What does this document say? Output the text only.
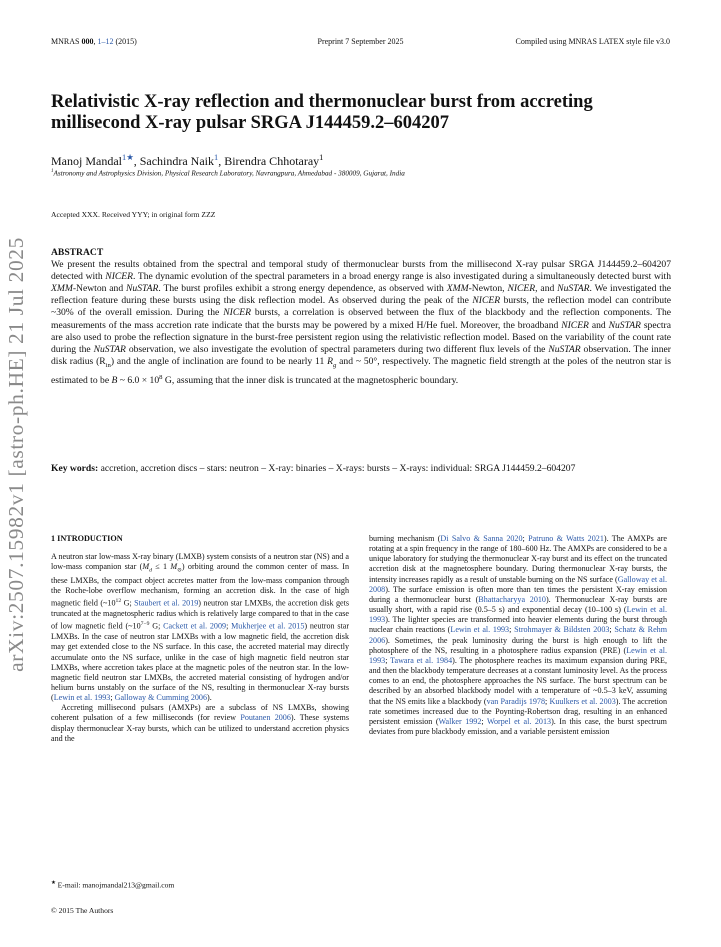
MNRAS 000, 1–12 (2015)	Preprint 7 September 2025	Compiled using MNRAS LATEX style file v3.0
arXiv:2507.15982v1 [astro-ph.HE] 21 Jul 2025
Relativistic X-ray reflection and thermonuclear burst from accreting millisecond X-ray pulsar SRGA J144459.2–604207
Manoj Mandal$^{1★}$, Sachindra Naik$^1$, Birendra Chhotaray$^1$
$^1$Astronomy and Astrophysics Division, Physical Research Laboratory, Navrangpura, Ahmedabad - 380009, Gujarat, India
Accepted XXX. Received YYY; in original form ZZZ
ABSTRACT
We present the results obtained from the spectral and temporal study of thermonuclear bursts from the millisecond X-ray pulsar SRGA J144459.2–604207 detected with NICER. The dynamic evolution of the spectral parameters in a broad energy range is also investigated during a simultaneously detected burst with XMM-Newton and NuSTAR. The burst profiles exhibit a strong energy dependence, as observed with XMM-Newton, NICER, and NuSTAR. We investigated the reflection feature during these bursts using the disk reflection model. As observed during the peak of the NICER bursts, the reflection model can contribute ~30% of the overall emission. During the NICER bursts, a correlation is observed between the flux of the blackbody and the reflection components. The measurements of the mass accretion rate indicate that the bursts may be powered by a mixed H/He fuel. Moreover, the broadband NICER and NuSTAR spectra are also used to probe the reflection signature in the burst-free persistent region using the relativistic reflection model. Based on the variability of the count rate during the NuSTAR observation, we also investigate the evolution of spectral parameters during two different flux levels of the NuSTAR observation. The inner disk radius $(R_{in})$ and the angle of inclination are found to be nearly 11 $R_g$ and ~ 50°, respectively. The magnetic field strength at the poles of the neutron star is estimated to be B ~ $6.0 \times 10^8$ G, assuming that the inner disk is truncated at the magnetospheric boundary.
Key words: accretion, accretion discs – stars: neutron – X-ray: binaries – X-rays: bursts – X-rays: individual: SRGA J144459.2–604207
1 INTRODUCTION

A neutron star low-mass X-ray binary (LMXB) system consists of a neutron star (NS) and a low-mass companion star ($M_d \le 1$ $M_⊙$) orbiting around the common center of mass. In these LMXBs, the compact object accretes matter from the low-mass companion through the Roche-lobe overflow mechanism, forming an accretion disk. In the case of high magnetic field ($\sim 10^{12}$ G; Staubert et al. 2019) neutron star LMXBs, the accretion disk gets truncated at the magnetospheric radius which is relatively large compared to that in the case of low magnetic field ($\sim 10^{7-9}$ G; Cackett et al. 2009; Mukherjee et al. 2015) neutron star LMXBs. In the case of neutron star LMXBs with a low magnetic field, the accretion disk may get extended close to the NS surface. In this case, the accreted material may directly accumulate onto the NS surface, unlike in the case of high magnetic field neutron star LMXBs, where accretion takes place at the magnetic poles of the neutron star. In the low-magnetic field neutron star LMXBs, the accreted material consisting of hydrogen and/or helium burns unstably on the surface of the NS, resulting in thermonuclear X-ray bursts (Lewin et al. 1993; Galloway & Cumming 2006).

Accreting millisecond pulsars (AMXPs) are a subclass of NS LMXBs, showing coherent pulsation of a few milliseconds (for review Poutanen 2006). These systems display thermonuclear X-ray bursts, which can be utilized to understand accretion physics and the

burning mechanism (Di Salvo & Sanna 2020; Patruno & Watts 2021). The AMXPs are rotating at a spin frequency in the range of 180–600 Hz. The AMXPs are considered to be a unique laboratory for studying the thermonuclear X-ray burst and its effect on the truncated accretion disk at the magnetosphere boundary. During thermonuclear X-ray bursts, the intensity increases rapidly as a result of unstable burning on the NS surface (Galloway et al. 2008). The surface emission is often more than ten times the persistent X-ray emission during a thermonuclear burst (Bhattacharyya 2010). Thermonuclear X-ray bursts are usually short, with a rapid rise (0.5–5 s) and exponential decay (10–100 s) (Lewin et al. 1993). The lighter species are transformed into heavier elements during the burst through nuclear chain reactions (Lewin et al. 1993; Strohmayer & Bildsten 2003; Schatz & Rehm 2006). Sometimes, the peak luminosity during the burst is high enough to lift the photosphere of the NS, resulting in a photosphere radius expansion (PRE) (Lewin et al. 1993; Tawara et al. 1984). The photosphere reaches its maximum expansion during PRE, and then the blackbody temperature decreases at a constant luminosity level. As the process comes to an end, the photosphere approaches the NS surface. The burst spectrum can be described by an absorbed blackbody model with a temperature of ~0.5–3 keV, assuming that the NS emits like a blackbody (van Paradijs 1978; Kuulkers et al. 2003). The accretion rate sometimes increased due to the Poynting-Robertson drag, resulting in an enhanced persistent emission (Walker 1992; Worpel et al. 2013). In this case, the burst spectrum deviates from pure blackbody emission, and a variable persistent emission

★ E-mail: manojmandal213@gmail.com
© 2015 The Authors
